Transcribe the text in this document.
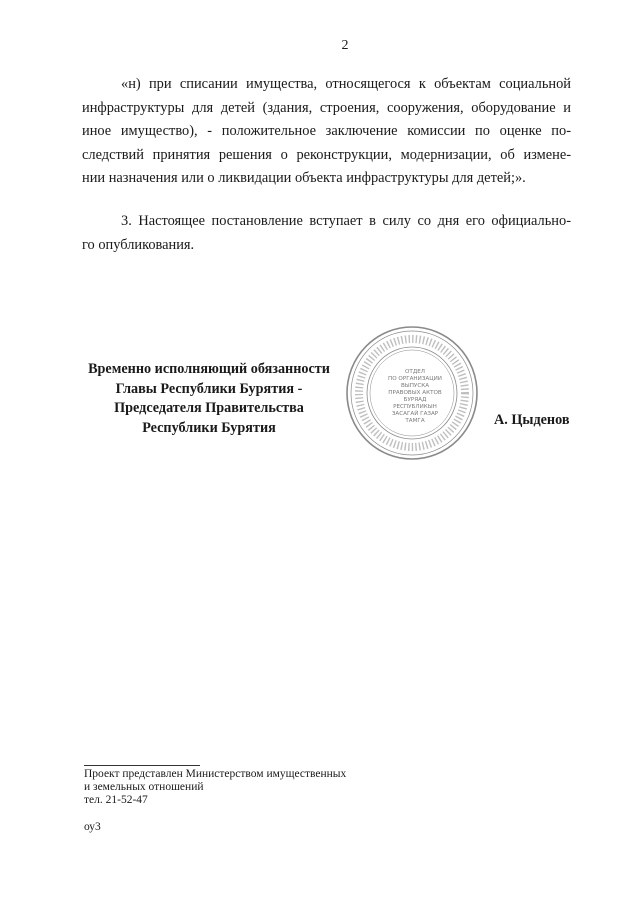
2

«н) при списании имущества, относящегося к объектам социальной
инфраструктуры для детей (здания, строения, сооружения, оборудование и
иное имущество), - положительное заключение комиссии по оценке по-
следствий принятия решения о реконструкции, модернизации, об измене-
нии назначения или о ликвидации объекта инфраструктуры для детей;».

3. Настоящее постановление вступает в силу со дня его официально-
го опубликования.

Временно исполняющий обязанности
Главы Республики Бурятия -
Председателя Правительства
Республики Бурятия
ОТДЕЛ
ПО ОРГАНИЗАЦИИ
ВЫПУСКА
ПРАВОВЫХ АКТОВ
БУРЯАД
РЕСПУБЛИКЫН
ЗАСАГАЙ ГАЗАР
ТАМГА	А. Цыденов
Проект представлен Министерством имущественных
и земельных отношений
тел. 21-52-47
оу3
